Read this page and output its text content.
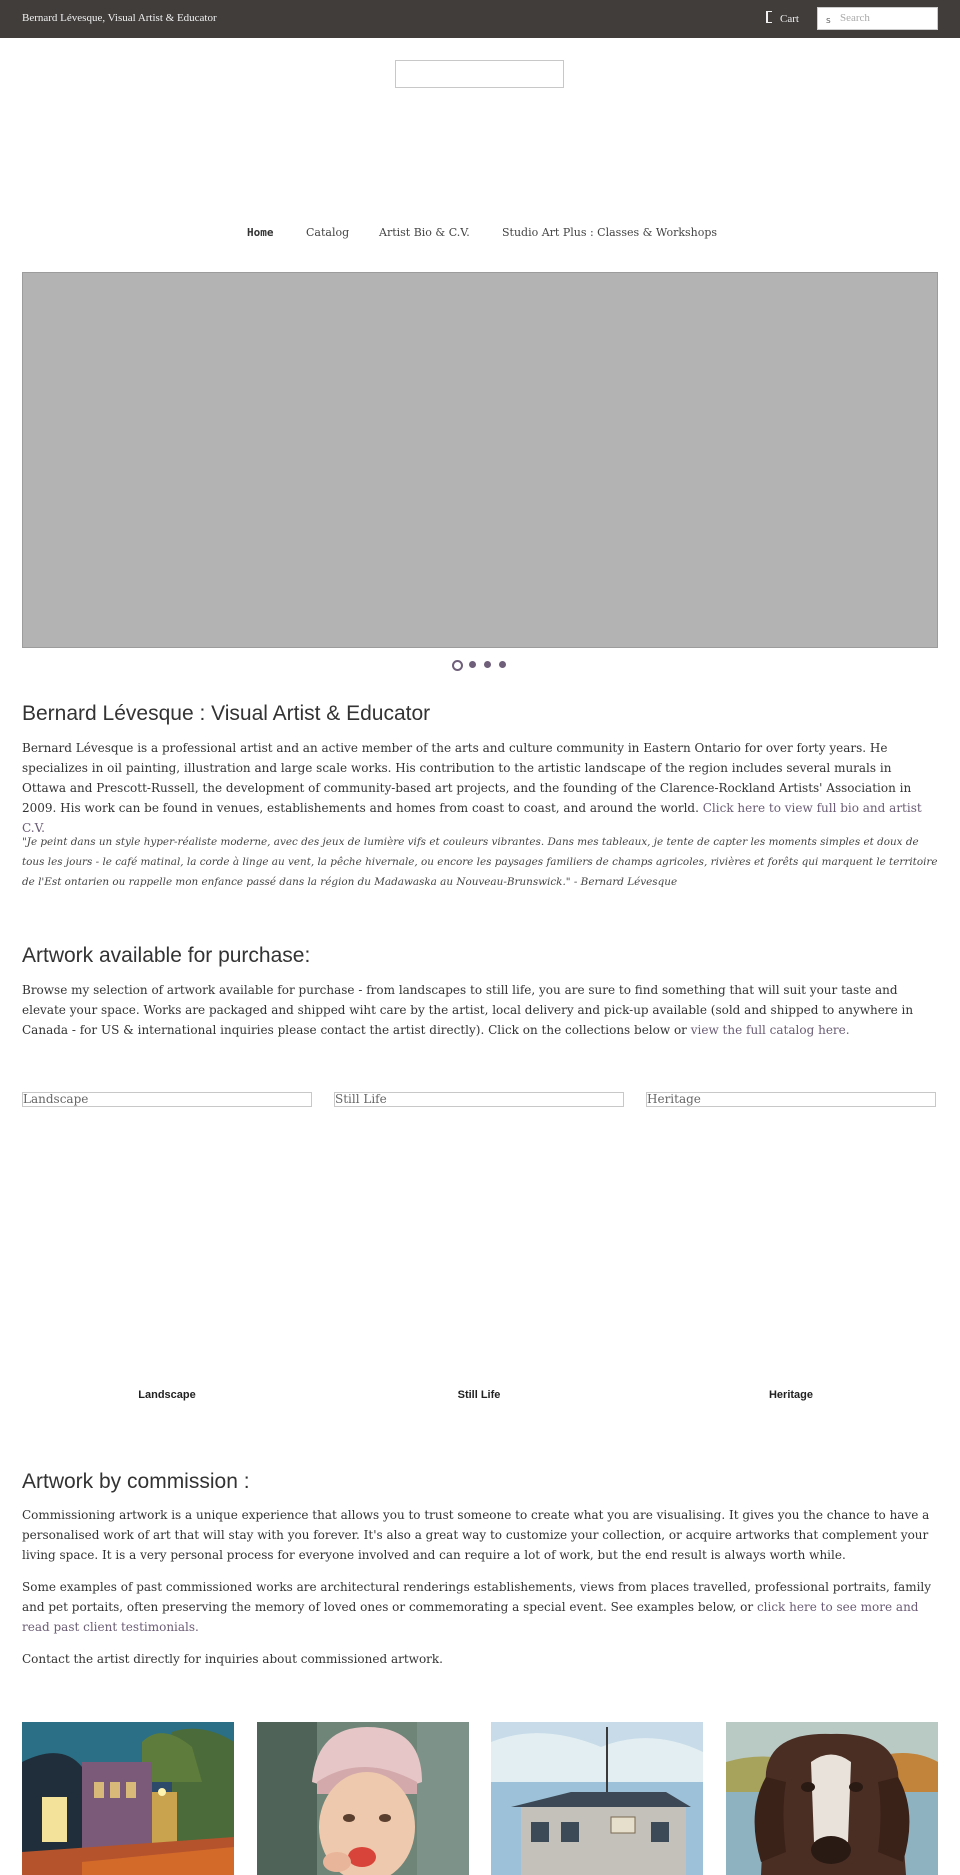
Bernard Lévesque, Visual Artist & Educator	Cart	s
Search
Home	Catalog	Artist Bio & C.V.	Studio Art Plus : Classes & Workshops
Bernard Lévesque : Visual Artist & Educator

Bernard Lévesque is a professional artist and an active member of the arts and culture community in Eastern Ontario for over forty years. He specializes in oil painting, illustration and large scale works. His contribution to the artistic landscape of the region includes several murals in Ottawa and Prescott-Russell, the development of community-based art projects, and the founding of the Clarence-Rockland Artists' Association in 2009. His work can be found in venues, establishements and homes from coast to coast, and around the world. Click here to view full bio and artist C.V.

"Je peint dans un style hyper-réaliste moderne, avec des jeux de lumière vifs et couleurs vibrantes. Dans mes tableaux, je tente de capter les moments simples et doux de tous les jours - le café matinal, la corde à linge au vent, la pêche hivernale, ou encore les paysages familiers de champs agricoles, rivières et forêts qui marquent le territoire de l'Est ontarien ou rappelle mon enfance passé dans la région du Madawaska au Nouveau-Brunswick." - Bernard Lévesque

Artwork available for purchase:

Browse my selection of artwork available for purchase - from landscapes to still life, you are sure to find something that will suit your taste and elevate your space. Works are packaged and shipped wiht care by the artist, local delivery and pick-up available (sold and shipped to anywhere in Canada - for US & international inquiries please contact the artist directly). Click on the collections below or view the full catalog here.

Landscape	Still Life	Heritage
Landscape	Still Life	Heritage
Artwork by commission :

Commissioning artwork is a unique experience that allows you to trust someone to create what you are visualising. It gives you the chance to have a personalised work of art that will stay with you forever. It's also a great way to customize your collection, or acquire artworks that complement your living space. It is a very personal process for everyone involved and can require a lot of work, but the end result is always worth while.

Some examples of past commissioned works are architectural renderings establishements, views from places travelled, professional portraits, family and pet portaits, often preserving the memory of loved ones or commemorating a special event. See examples below, or click here to see more and read past client testimonials.

Contact the artist directly for inquiries about commissioned artwork.
